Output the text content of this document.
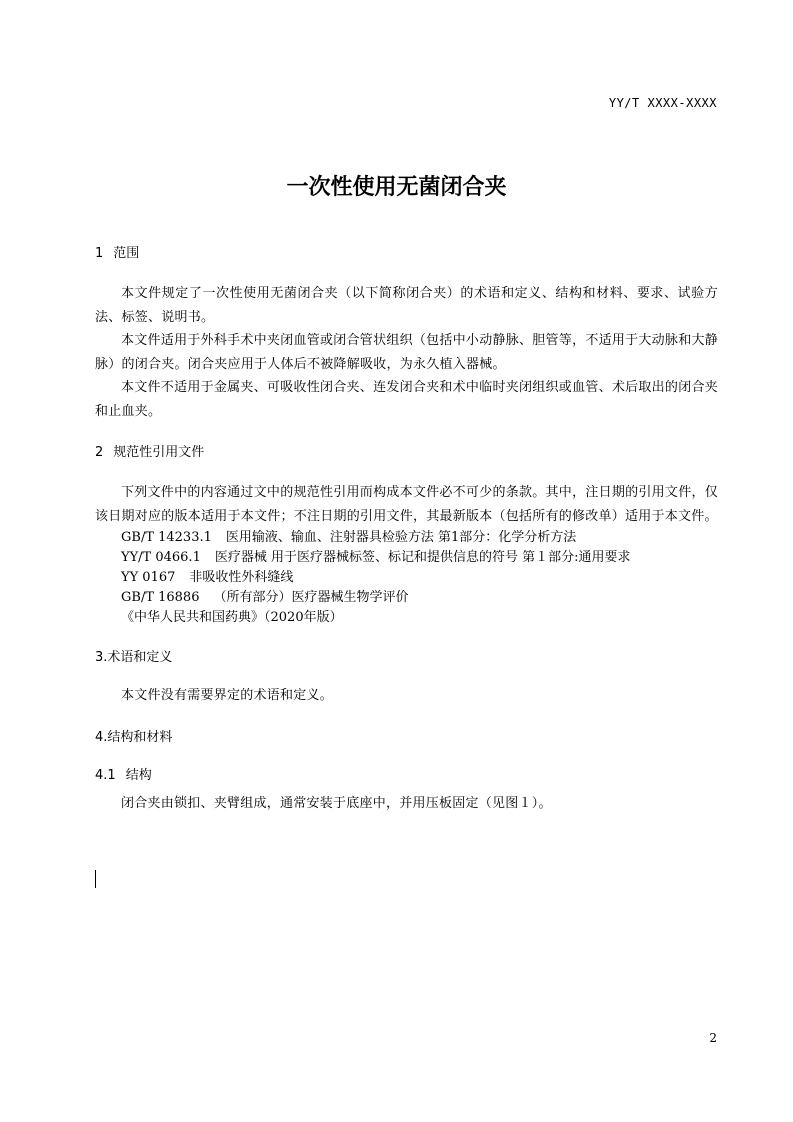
YY/T XXXX-XXXX
一次性使用无菌闭合夹

1 范围

本文件规定了一次性使用无菌闭合夹（以下简称闭合夹）的术语和定义、结构和材料、要求、试验方法、标签、说明书。

本文件适用于外科手术中夹闭血管或闭合管状组织（包括中小动静脉、胆管等，不适用于大动脉和大静脉）的闭合夹。闭合夹应用于人体后不被降解吸收，为永久植入器械。

本文件不适用于金属夹、可吸收性闭合夹、连发闭合夹和术中临时夹闭组织或血管、术后取出的闭合夹和止血夹。

2 规范性引用文件

下列文件中的内容通过文中的规范性引用而构成本文件必不可少的条款。其中，注日期的引用文件，仅该日期对应的版本适用于本文件；不注日期的引用文件，其最新版本（包括所有的修改单）适用于本文件。

GB/T 14233.1 医用输液、输血、注射器具检验方法 第1部分：化学分析方法

YY/T 0466.1 医疗器械 用于医疗器械标签、标记和提供信息的符号 第１部分:通用要求

YY 0167 非吸收性外科缝线

GB/T 16886 （所有部分）医疗器械生物学评价

《中华人民共和国药典》（2020年版）

3.术语和定义

本文件没有需要界定的术语和定义。

4.结构和材料

4.1 结构

闭合夹由锁扣、夹臂组成，通常安装于底座中，并用压板固定（见图１）。

2
